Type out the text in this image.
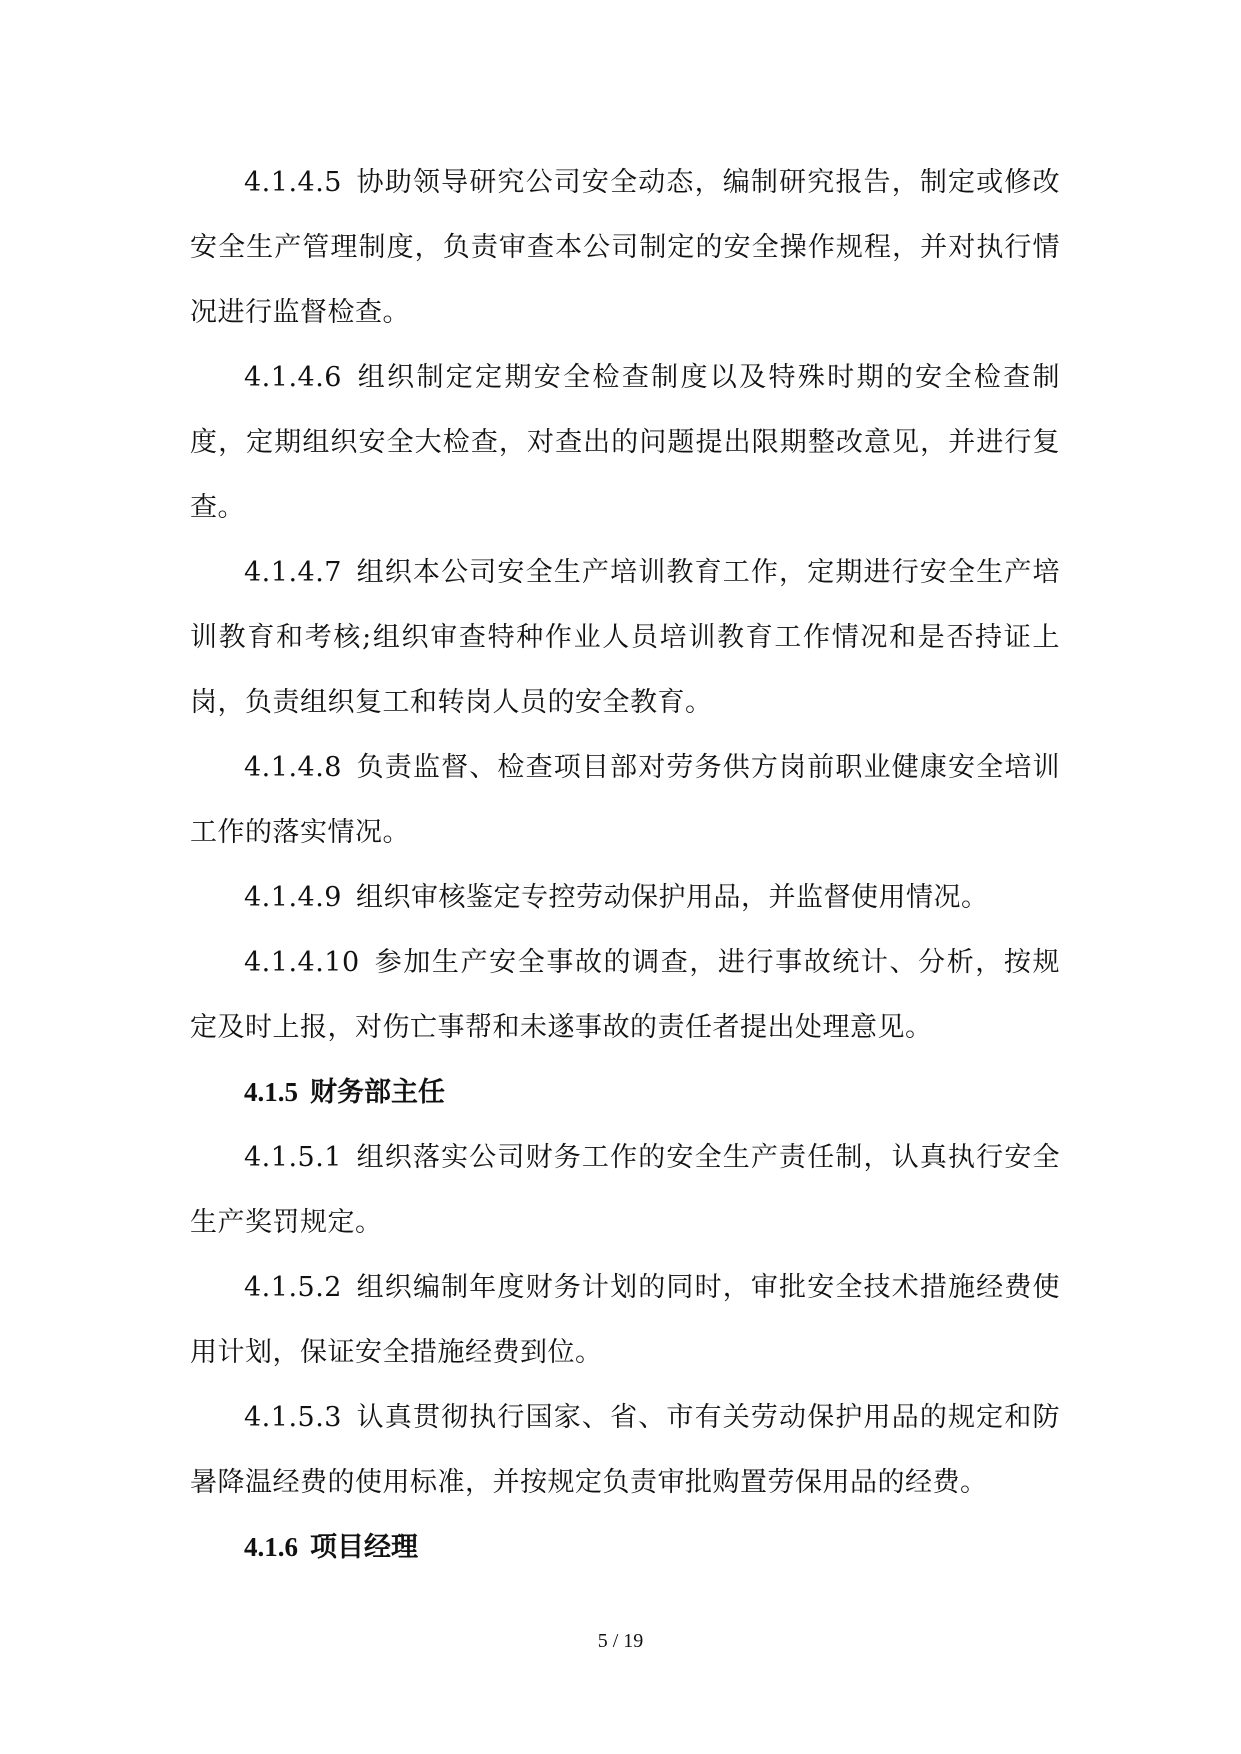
4.1.4.5 协助领导研究公司安全动态，编制研究报告，制定或修改安全生产管理制度，负责审查本公司制定的安全操作规程，并对执行情况进行监督检查。

4.1.4.6 组织制定定期安全检查制度以及特殊时期的安全检查制度，定期组织安全大检查，对查出的问题提出限期整改意见，并进行复查。

4.1.4.7 组织本公司安全生产培训教育工作，定期进行安全生产培训教育和考核;组织审查特种作业人员培训教育工作情况和是否持证上岗，负责组织复工和转岗人员的安全教育。

4.1.4.8 负责监督、检查项目部对劳务供方岗前职业健康安全培训工作的落实情况。

4.1.4.9 组织审核鉴定专控劳动保护用品，并监督使用情况。

4.1.4.10 参加生产安全事故的调查，进行事故统计、分析，按规定及时上报，对伤亡事帮和未遂事故的责任者提出处理意见。

4.1.5 财务部主任

4.1.5.1 组织落实公司财务工作的安全生产责任制，认真执行安全生产奖罚规定。

4.1.5.2 组织编制年度财务计划的同时，审批安全技术措施经费使用计划，保证安全措施经费到位。

4.1.5.3 认真贯彻执行国家、省、市有关劳动保护用品的规定和防暑降温经费的使用标准，并按规定负责审批购置劳保用品的经费。

4.1.6 项目经理

5 / 19
